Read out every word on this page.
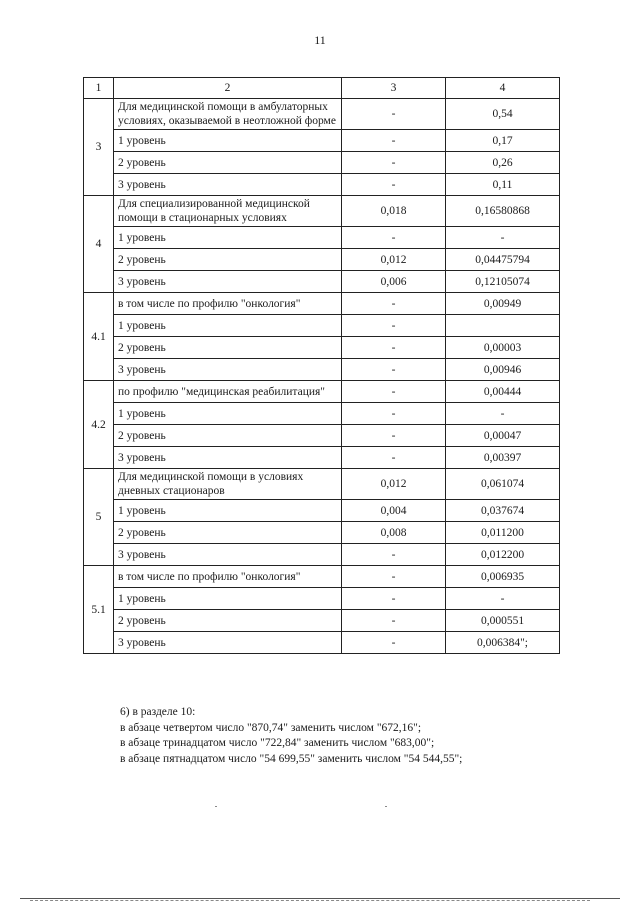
11
1	2	3	4
3	Для медицинской помощи в амбулаторных условиях, оказываемой в неотложной форме	-	0,54
	1 уровень	-	0,17
	2 уровень	-	0,26
	3 уровень	-	0,11
4	Для специализированной медицинской помощи в стационарных условиях	0,018	0,16580868
	1 уровень	-	-
	2 уровень	0,012	0,04475794
	3 уровень	0,006	0,12105074
4.1	в том числе по профилю "онкология"	-	0,00949
	1 уровень	-	
	2 уровень	-	0,00003
	3 уровень	-	0,00946
4.2	по профилю "медицинская реабилитация"	-	0,00444
	1 уровень	-	-
	2 уровень	-	0,00047
	3 уровень	-	0,00397
5	Для медицинской помощи в условиях дневных стационаров	0,012	0,061074
	1 уровень	0,004	0,037674
	2 уровень	0,008	0,011200
	3 уровень	-	0,012200
5.1	в том числе по профилю "онкология"	-	0,006935
	1 уровень	-	-
	2 уровень	-	0,000551
	3 уровень	-	0,006384";
6) в разделе 10:
в абзаце четвертом число "870,74" заменить числом "672,16";
в абзаце тринадцатом число "722,84" заменить числом "683,00";
в абзаце пятнадцатом число "54 699,55" заменить числом "54 544,55";
